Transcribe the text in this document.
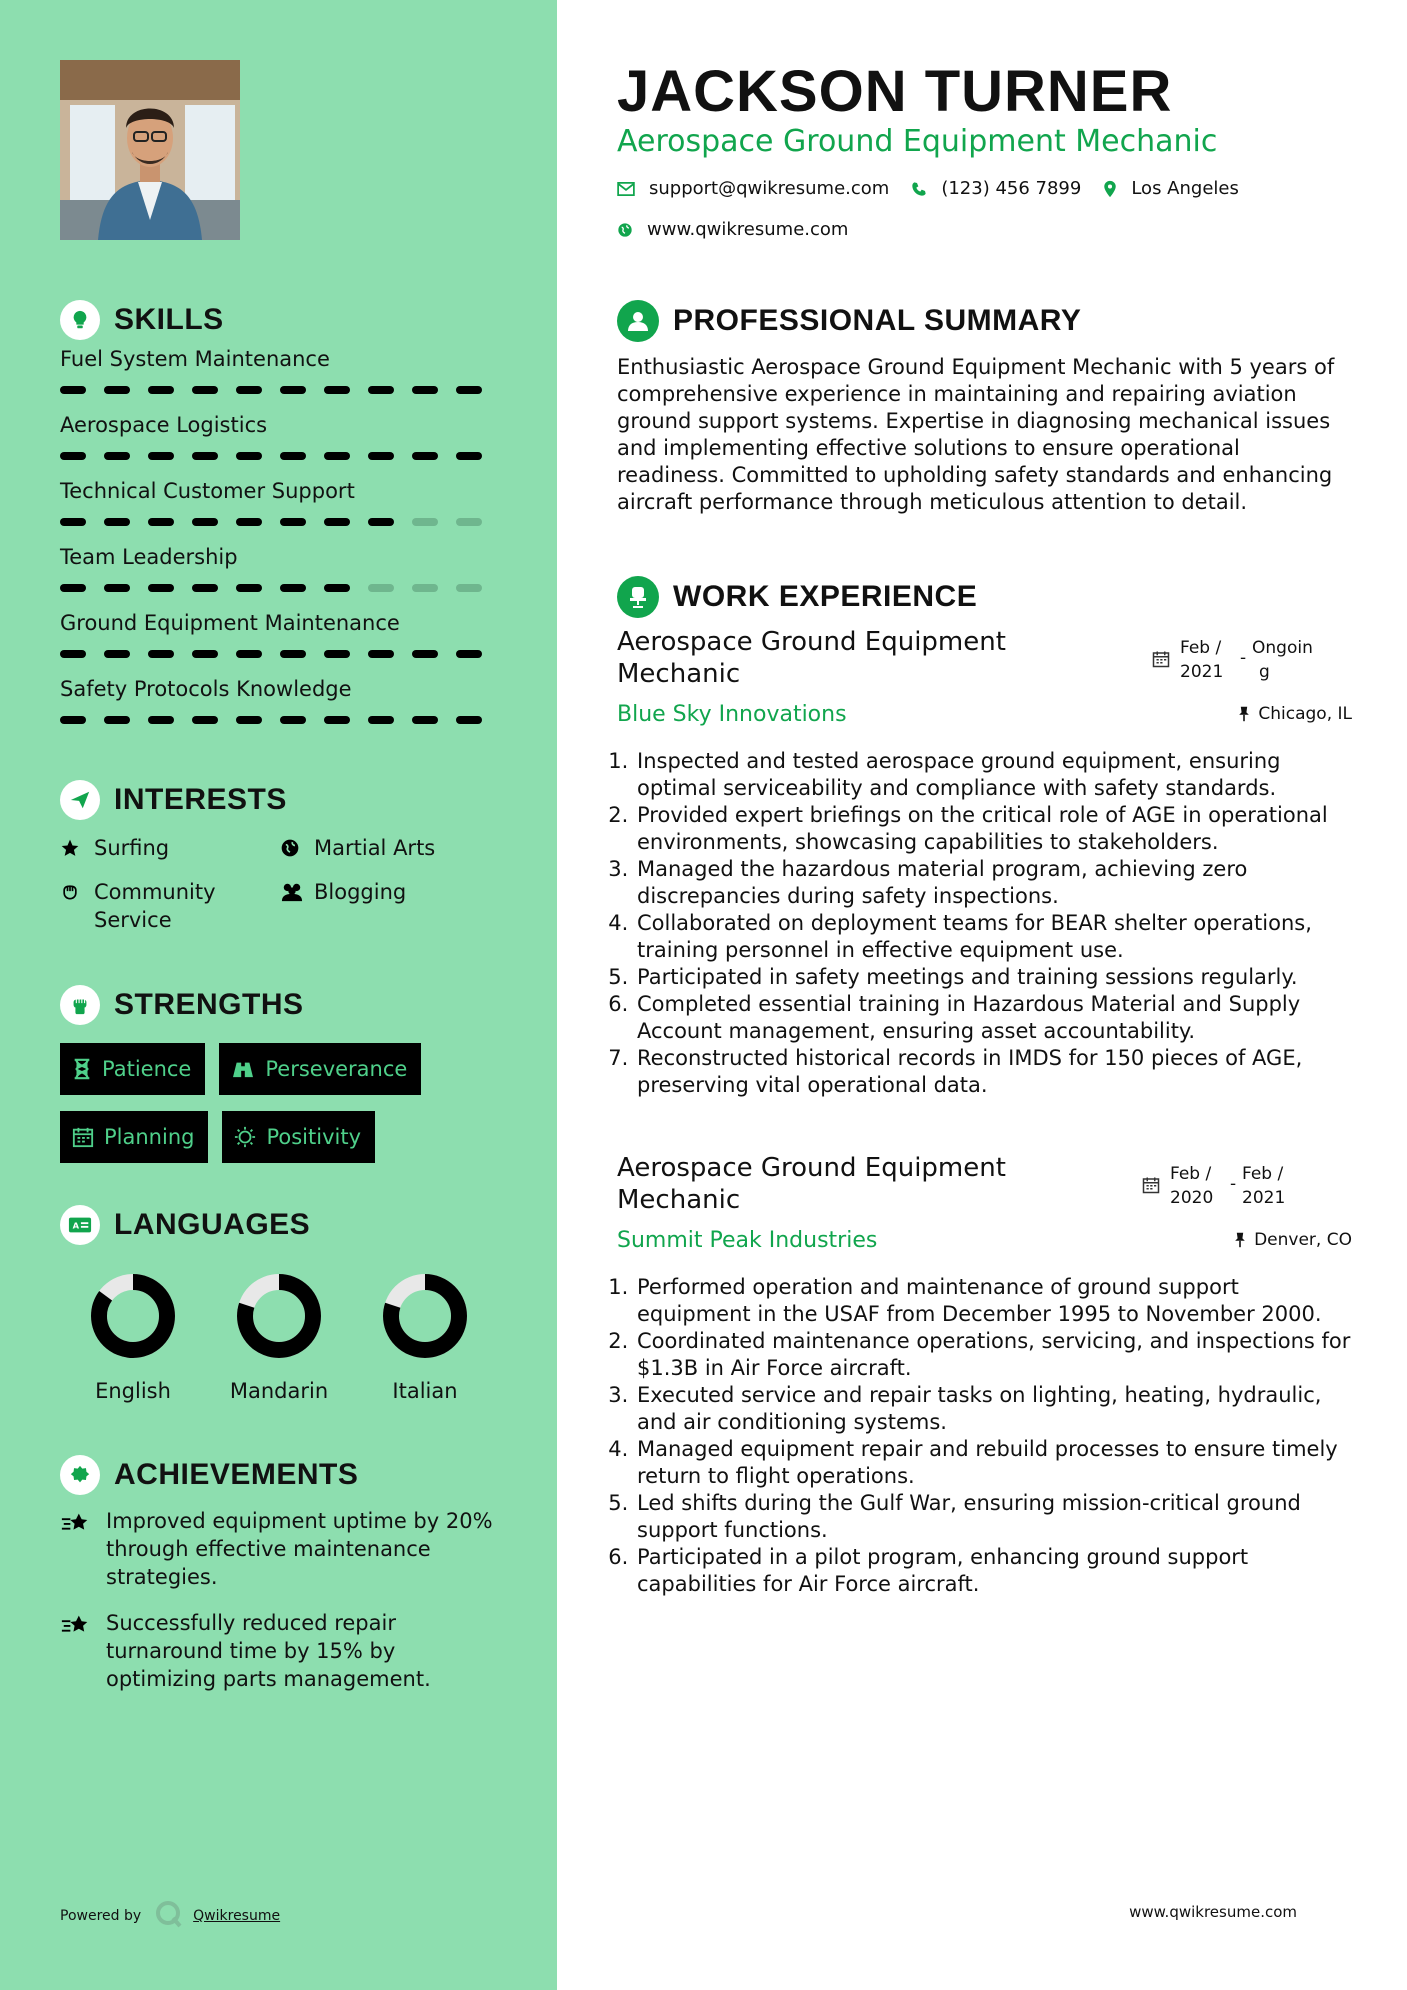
SKILLS
Fuel System Maintenance
Aerospace Logistics
Technical Customer Support
Team Leadership
Ground Equipment Maintenance
Safety Protocols Knowledge
INTERESTS
Surfing	Martial Arts
Community Service
Blogging
STRENGTHS
Patience	Perseverance
Planning	Positivity
A LANGUAGES
English	Mandarin	Italian
ACHIEVEMENTS
Improved equipment uptime by 20% through effective maintenance strategies.
Successfully reduced repair turnaround time by 15% by optimizing parts management.
Powered by	Qwikresume
JACKSON TURNER
Aerospace Ground Equipment Mechanic
support@qwikresume.com	(123) 456 7899	Los Angeles
www.qwikresume.com
PROFESSIONAL SUMMARY
Enthusiastic Aerospace Ground Equipment Mechanic with 5 years of comprehensive experience in maintaining and repairing aviation ground support systems. Expertise in diagnosing mechanical issues and implementing effective solutions to ensure operational readiness. Committed to upholding safety standards and enhancing aircraft performance through meticulous attention to detail.
WORK EXPERIENCE
Aerospace Ground Equipment Mechanic
Feb /
2021
- Ongoin
g
Blue Sky Innovations	Chicago, IL
1. Inspected and tested aerospace ground equipment, ensuring optimal serviceability and compliance with safety standards.
2. Provided expert briefings on the critical role of AGE in operational environments, showcasing capabilities to stakeholders.
3. Managed the hazardous material program, achieving zero discrepancies during safety inspections.
4. Collaborated on deployment teams for BEAR shelter operations, training personnel in effective equipment use.
5. Participated in safety meetings and training sessions regularly.
6. Completed essential training in Hazardous Material and Supply Account management, ensuring asset accountability.
7. Reconstructed historical records in IMDS for 150 pieces of AGE, preserving vital operational data.
Aerospace Ground Equipment Mechanic
Feb /
2020
- Feb /
2021
Summit Peak Industries	Denver, CO
1. Performed operation and maintenance of ground support equipment in the USAF from December 1995 to November 2000.
2. Coordinated maintenance operations, servicing, and inspections for $1.3B in Air Force aircraft.
3. Executed service and repair tasks on lighting, heating, hydraulic, and air conditioning systems.
4. Managed equipment repair and rebuild processes to ensure timely return to flight operations.
5. Led shifts during the Gulf War, ensuring mission-critical ground support functions.
6. Participated in a pilot program, enhancing ground support capabilities for Air Force aircraft.
www.qwikresume.com
